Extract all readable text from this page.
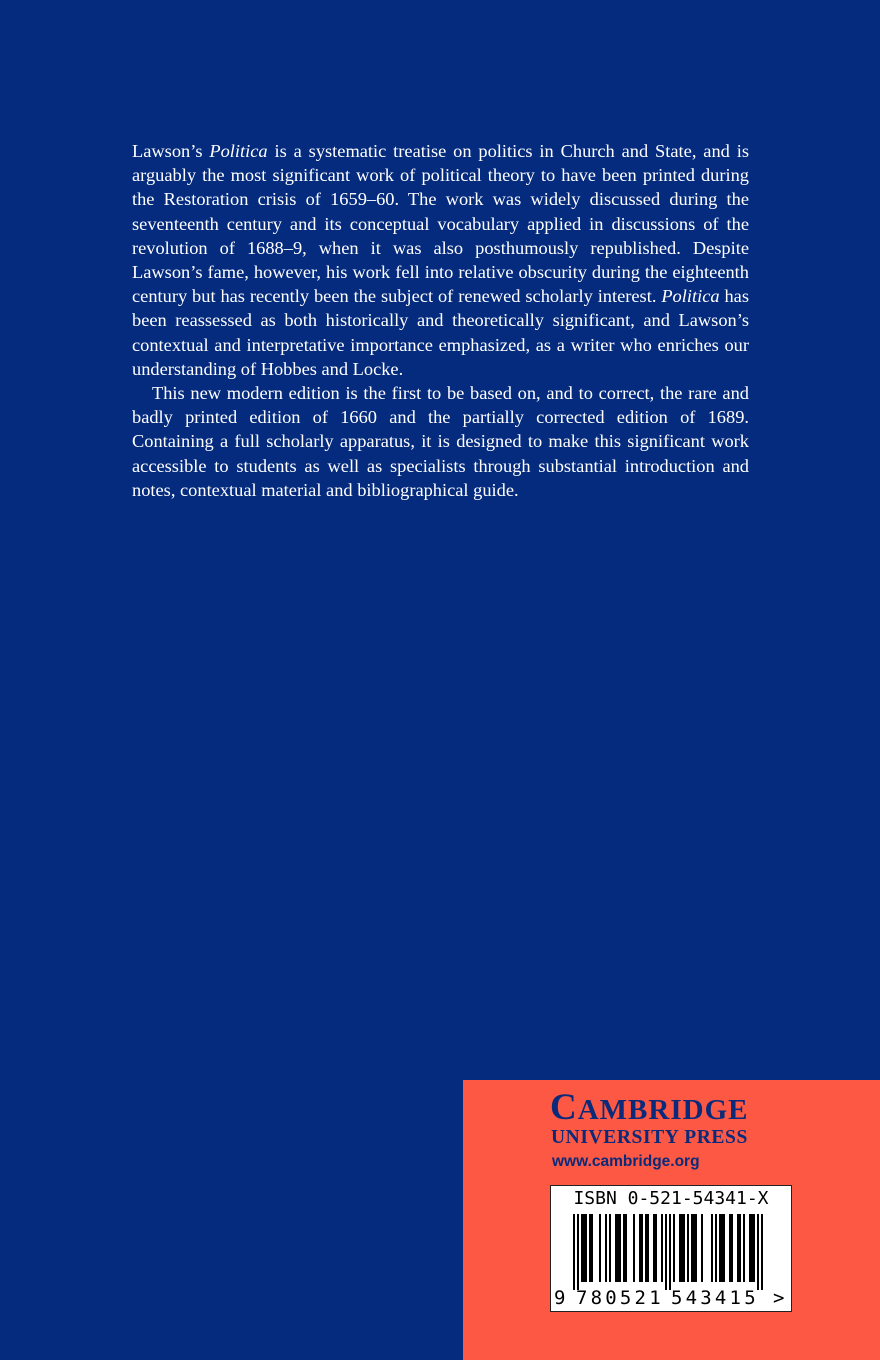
Lawson’s Politica is a systematic treatise on politics in Church and State, and is arguably the most significant work of political theory to have been printed during the Restoration crisis of 1659–60. The work was widely discussed during the seventeenth century and its conceptual vocabulary applied in discussions of the revolution of 1688–9, when it was also posthumously republished. Despite Lawson’s fame, however, his work fell into relative obscurity during the eighteenth century but has recently been the subject of renewed scholarly interest. Politica has been reassessed as both historically and theoretically significant, and Lawson’s contextual and interpretative importance emphasized, as a writer who enriches our understanding of Hobbes and Locke.

This new modern edition is the first to be based on, and to correct, the rare and badly printed edition of 1660 and the partially corrected edition of 1689. Containing a full scholarly apparatus, it is designed to make this significant work accessible to students as well as specialists through substantial introduction and notes, contextual material and bibliographical guide.

CAMBRIDGE
UNIVERSITY PRESS
www.cambridge.org
ISBN 0-521-54341-X
9 780521 543415 >
